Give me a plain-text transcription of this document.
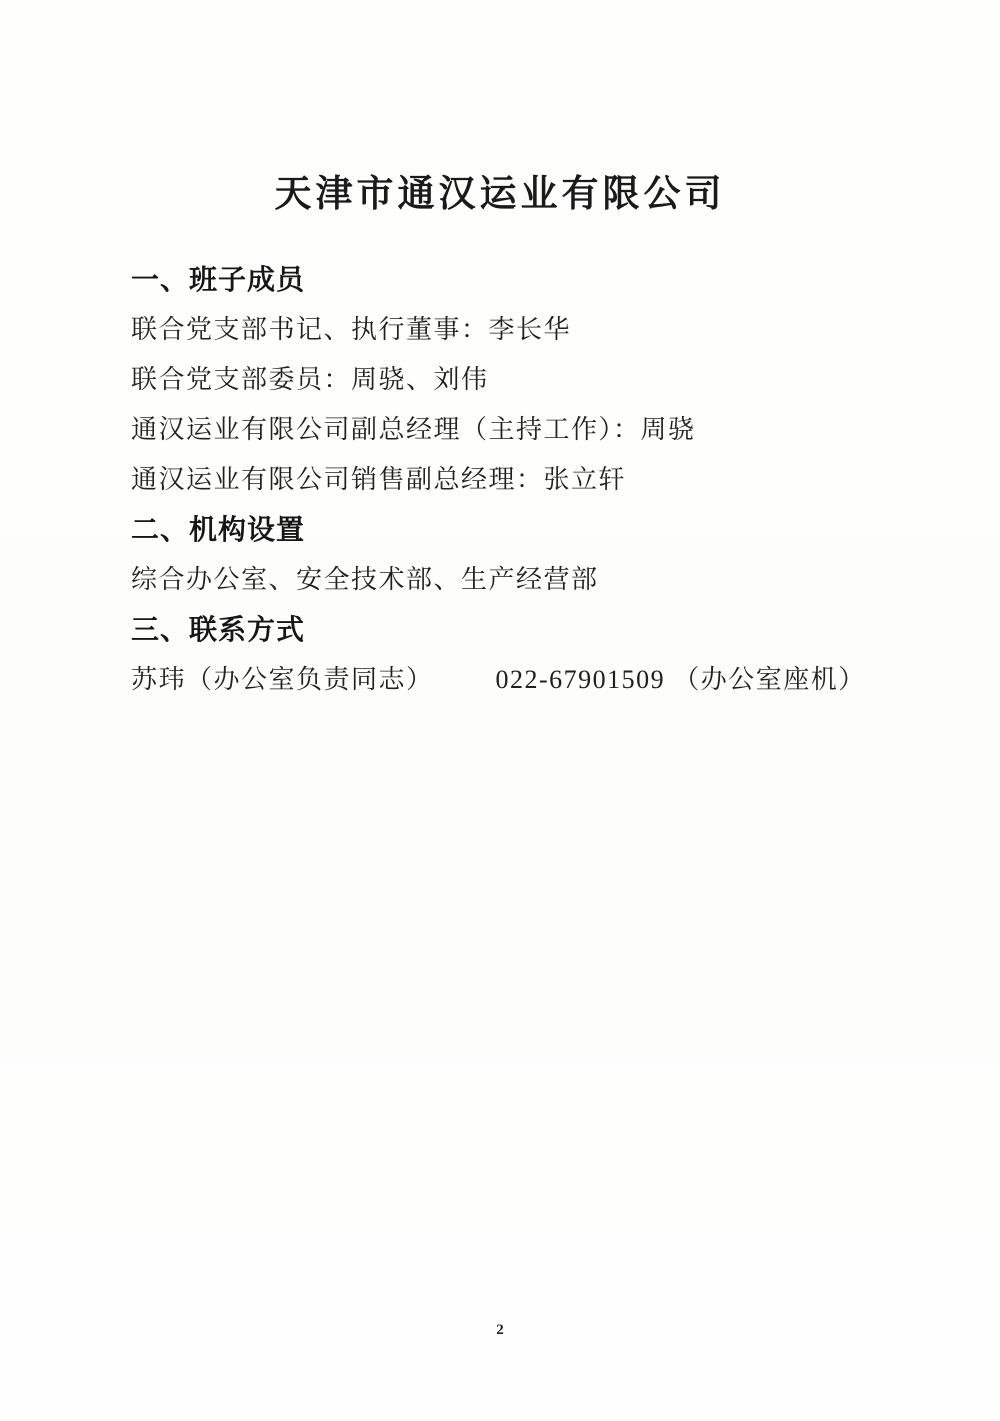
天津市通汉运业有限公司
一、班子成员
联合党支部书记、执行董事：李长华
联合党支部委员：周骁、刘伟
通汉运业有限公司副总经理（主持工作）：周骁
通汉运业有限公司销售副总经理：张立轩
二、机构设置
综合办公室、安全技术部、生产经营部
三、联系方式
苏玮（办公室负责同志） 022-67901509 （办公室座机）
2
